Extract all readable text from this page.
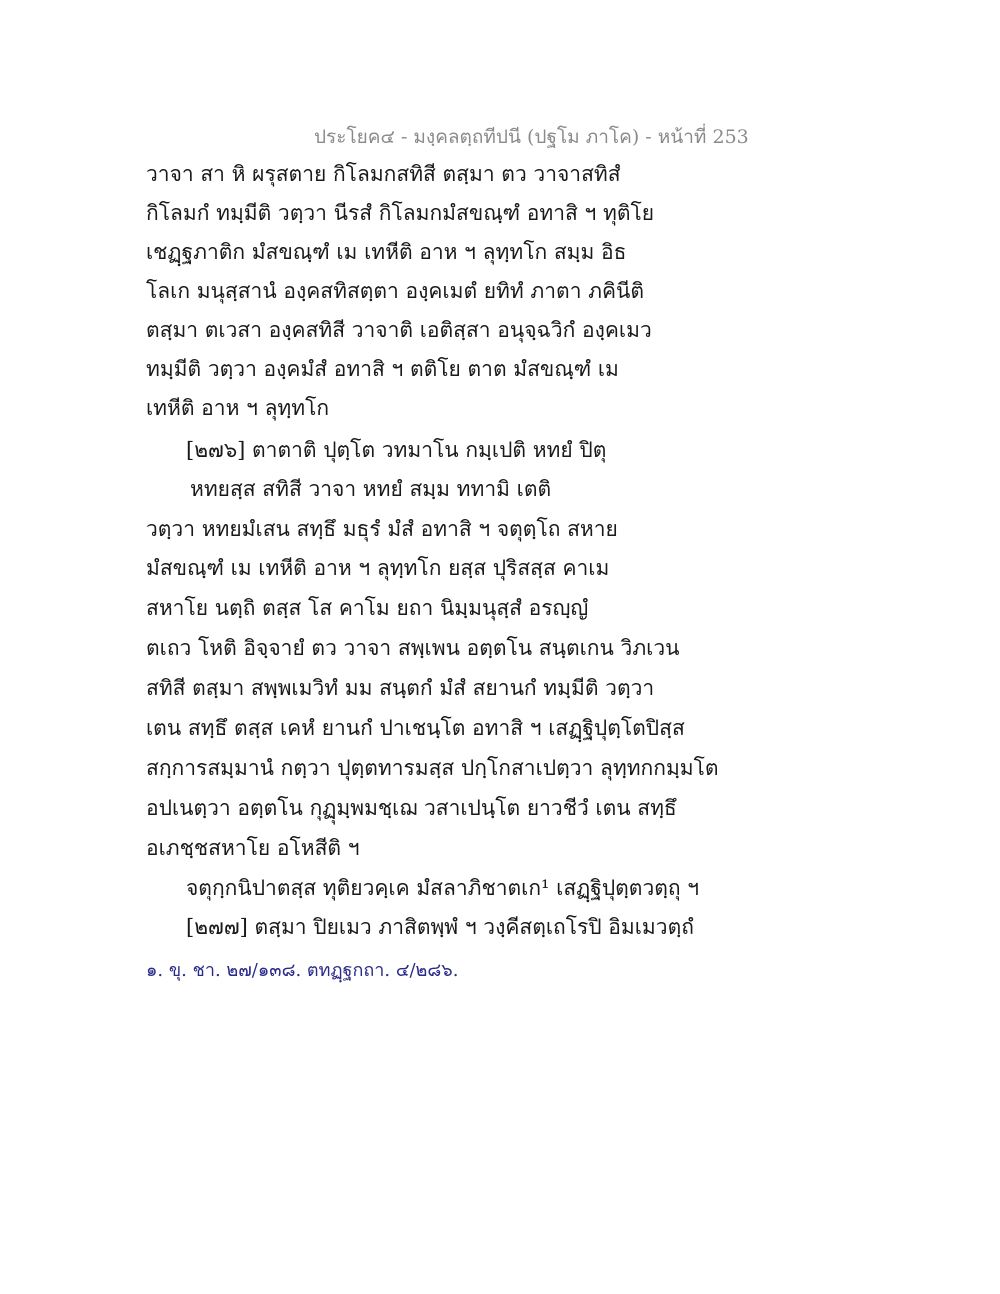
ประโยค๔ - มงฺคลตฺถทีปนี (ปฐโม ภาโค) - หน้าที่ 253
วาจา สา หิ ผรุสตาย กิโลมกสทิสี ตสฺมา ตว วาจาสทิสํ
กิโลมกํ ทมฺมีติ วตฺวา นีรสํ กิโลมกมํสขณฺฑํ อทาสิ ฯ ทุติโย
เชฏฺฐภาติก มํสขณฺฑํ เม เทหีติ อาห ฯ ลุทฺทโก สมฺม อิธ
โลเก มนุสฺสานํ องฺคสทิสตฺตา องฺคเมตํ ยทิทํ ภาตา ภคินีติ
ตสฺมา ตเวสา องฺคสทิสี วาจาติ เอติสฺสา อนุจฺฉวิกํ องฺคเมว
ทมฺมีติ วตฺวา องฺคมํสํ อทาสิ ฯ ตติโย ตาต มํสขณฺฑํ เม
เทหีติ อาห ฯ ลุทฺทโก
[๒๗๖] ตาตาติ ปุตฺโต วทมาโน กมฺเปติ หทยํ ปิตุ
หทยสฺส สทิสี วาจา หทยํ สมฺม ททามิ เตติ
วตฺวา หทยมํเสน สทฺธึ มธุรํ มํสํ อทาสิ ฯ จตุตฺโถ สหาย
มํสขณฺฑํ เม เทหีติ อาห ฯ ลุทฺทโก ยสฺส ปุริสสฺส คาเม
สหาโย นตฺถิ ตสฺส โส คาโม ยถา นิมฺมนุสฺสํ อรญฺญํ
ตเถว โหติ อิจฺจายํ ตว วาจา สพฺเพน อตฺตโน สนฺตเกน วิภเวน
สทิสี ตสฺมา สพฺพเมวิทํ มม สนฺตกํ มํสํ สยานกํ ทมฺมีติ วตฺวา
เตน สทฺธึ ตสฺส เคหํ ยานกํ ปาเชนฺโต อทาสิ ฯ เสฏฺฐิปุตฺโตปิสฺส
สกฺการสมฺมานํ กตฺวา ปุตฺตทารมสฺส ปกฺโกสาเปตฺวา ลุทฺทกกมฺมโต
อปเนตฺวา อตฺตโน กุฏุมฺพมชฺเฌ วสาเปนฺโต ยาวชีวํ เตน สทฺธึ
อเภชฺชสหาโย อโหสีติ ฯ
จตุกฺกนิปาตสฺส ทุติยวคฺเค มํสลาภิชาตเก¹ เสฏฺฐิปุตฺตวตฺถุ ฯ
[๒๗๗] ตสฺมา ปิยเมว ภาสิตพฺพํ ฯ วงฺคีสตฺเถโรปิ อิมเมวตฺถํ
๑. ขุ. ชา. ๒๗/๑๓๘. ตทฏฺฐกถา. ๔/๒๘๖.
